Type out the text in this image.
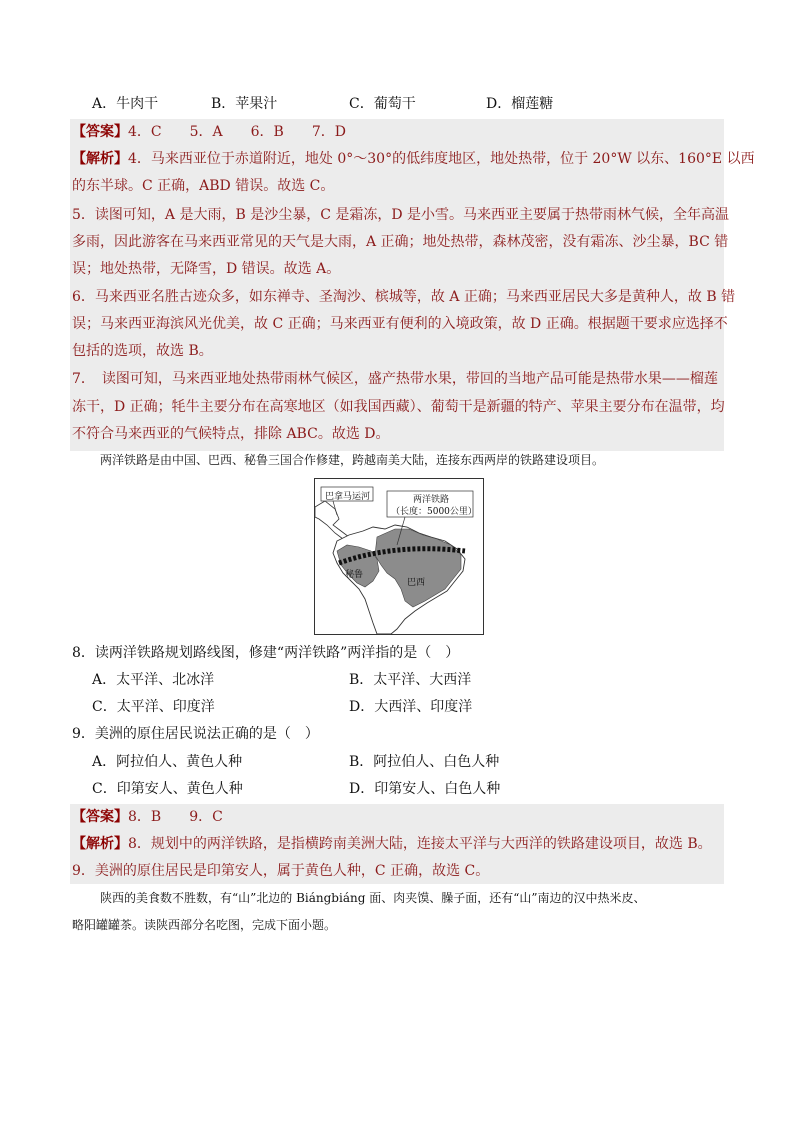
A．牛肉干	B．苹果汁	C．葡萄干	D．榴莲糖
【答案】4．C　　5．A　　6．B　　7．D
【解析】4．马来西亚位于赤道附近，地处 0°～30°的低纬度地区，地处热带，位于 20°W 以东、160°E 以西
的东半球。C 正确，ABD 错误。故选 C。
5．读图可知，A 是大雨，B 是沙尘暴，C 是霜冻，D 是小雪。马来西亚主要属于热带雨林气候，全年高温
多雨，因此游客在马来西亚常见的天气是大雨，A 正确；地处热带，森林茂密，没有霜冻、沙尘暴，BC 错
误；地处热带，无降雪，D 错误。故选 A。
6．马来西亚名胜古迹众多，如东禅寺、圣淘沙、槟城等，故 A 正确；马来西亚居民大多是黄种人，故 B 错
误；马来西亚海滨风光优美，故 C 正确；马来西亚有便利的入境政策，故 D 正确。根据题干要求应选择不
包括的选项，故选 B。
7．　读图可知，马来西亚地处热带雨林气候区，盛产热带水果，带回的当地产品可能是热带水果——榴莲
冻干，D 正确；牦牛主要分布在高寒地区（如我国西藏）、葡萄干是新疆的特产、苹果主要分布在温带，均
不符合马来西亚的气候特点，排除 ABC。故选 D。
两洋铁路是由中国、巴西、秘鲁三国合作修建，跨越南美大陆，连接东西两岸的铁路建设项目。
巴拿马运河	两洋铁路
（长度：5000公里）
秘鲁
巴西
8．读两洋铁路规划路线图，修建“两洋铁路”两洋指的是（　）
A．太平洋、北冰洋	B．太平洋、大西洋
C．太平洋、印度洋	D．大西洋、印度洋
9．美洲的原住居民说法正确的是（　）
A．阿拉伯人、黄色人种	B．阿拉伯人、白色人种
C．印第安人、黄色人种	D．印第安人、白色人种
【答案】8．B　　9．C
【解析】8．规划中的两洋铁路，是指横跨南美洲大陆，连接太平洋与大西洋的铁路建设项目，故选 B。
9．美洲的原住居民是印第安人，属于黄色人种，C 正确，故选 C。
陕西的美食数不胜数，有“山”北边的 Biángbiáng 面、肉夹馍、臊子面，还有“山”南边的汉中热米皮、
略阳罐罐茶。读陕西部分名吃图，完成下面小题。
